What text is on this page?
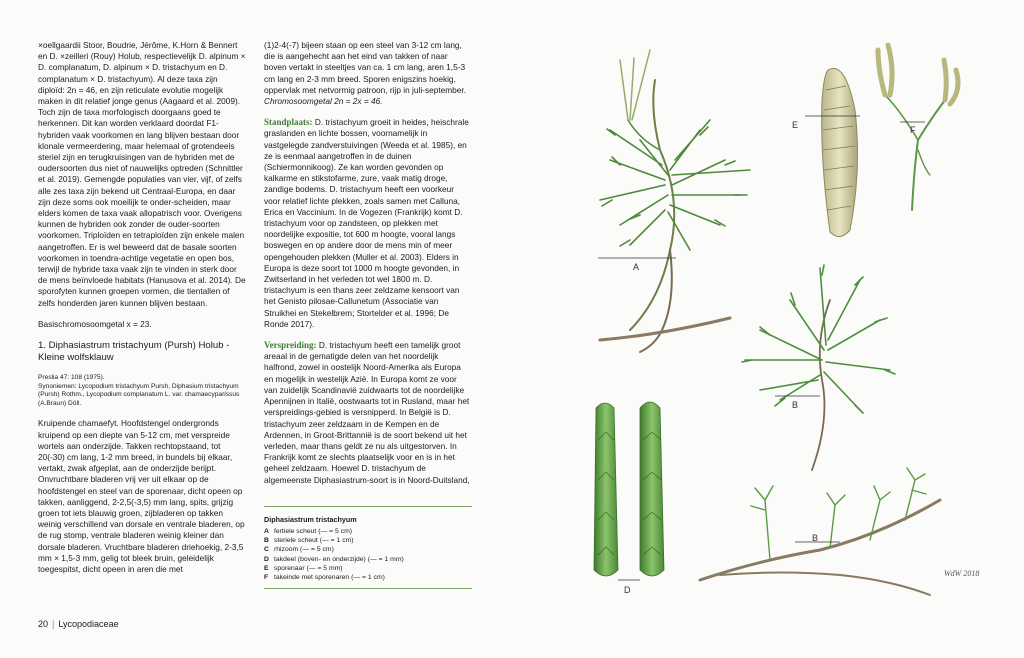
×oellgaardii Stoor, Boudrie, Jérôme, K.Horn & Bennert en D. ×zeilleri (Rouy) Holub, respectievelijk D. alpinum × D. complanatum, D. alpinum × D. tristachyum en D. complanatum × D. tristachyum). Al deze taxa zijn diploïd: 2n = 46, en zijn reticulate evolutie mogelijk maken in dit relatief jonge genus (Aagaard et al. 2009). Toch zijn de taxa morfologisch doorgaans goed te herkennen. Dit kan worden verklaard doordat F1-hybriden vaak voorkomen en lang blijven bestaan door klonale vermeerdering, maar helemaal of grotendeels steriel zijn en terugkruisingen van de hybriden met de oudersoorten dus niet of nauwelijks optreden (Schnittler et al. 2019). Gemengde populaties van vier, vijf, of zelfs alle zes taxa zijn bekend uit Centraal-Europa, en daar zijn deze soms ook moeilijk te onder-scheiden, maar elders komen de taxa vaak allopatrisch voor. Overigens kunnen de hybriden ook zonder de ouder-soorten voorkomen. Triploïden en tetraploïden zijn enkele malen aangetroffen. Er is wel beweerd dat de basale soorten voorkomen in toendra-achtige vegetatie en open bos, terwijl de hybride taxa vaak zijn te vinden in sterk door de mens beïnvloede habitats (Hanusova et al. 2014). De sporofyten kunnen groepen vormen, die tientallen of zelfs honderden jaren kunnen blijven bestaan.

Basischromosoomgetal x = 23.

1. Diphasiastrum tristachyum (Pursh) Holub - Kleine wolfsklauw

Preslia 47: 108 (1975).

Synoniemen: Lycopodium tristachyum Pursh, Diphasium tristachyum (Pursh) Rothm., Lycopodium complanatum L. var. chamaecyparissus (A.Braun) Döll.

Kruipende chamaefyt. Hoofdstengel ondergronds kruipend op een diepte van 5-12 cm, met verspreide wortels aan onderzijde. Takken rechtopstaand, tot 20(-30) cm lang, 1-2 mm breed, in bundels bij elkaar, vertakt, zwak afgeplat, aan de onderzijde berijpt. Onvruchtbare bladeren vrij ver uit elkaar op de hoofdstengel en steel van de sporenaar, dicht opeen op takken, aanliggend, 2-2,5(-3,5) mm lang, spits, grijzig groen tot iets blauwig groen, zijbladeren op takken weinig verschillend van dorsale en ventrale bladeren, op de rug stomp, ventrale bladeren weinig kleiner dan dorsale bladeren. Vruchtbare bladeren driehoekig, 2-3,5 mm × 1,5-3 mm, gelig tot bleek bruin, geleidelijk toegespitst, dicht opeen in aren die met

(1)2-4(-7) bijeen staan op een steel van 3-12 cm lang, die is aangehecht aan het eind van takken of naar boven vertakt in steeltjes van ca. 1 cm lang, aren 1,5-3 cm lang en 2-3 mm breed. Sporen enigszins hoekig, oppervlak met netvormig patroon, rijp in juli-september.
Chromosoomgetal 2n = 2x = 46.

Standplaats: D. tristachyum groeit in heides, heischrale graslanden en lichte bossen, voornamelijk in vastgelegde zandverstuivingen (Weeda et al. 1985), en ze is eenmaal aangetroffen in de duinen (Schiermonnikoog). Ze kan worden gevonden op kalkarme en stikstofarme, zure, vaak matig droge, zandige bodems. D. tristachyum heeft een voorkeur voor relatief lichte plekken, zoals samen met Calluna, Erica en Vaccinium. In de Vogezen (Frankrijk) komt D. tristachyum voor op zandsteen, op plekken met noordelijke expositie, tot 600 m hoogte, vooral langs boswegen en op andere door de mens min of meer opengehouden plekken (Muller et al. 2003). Elders in Europa is deze soort tot 1000 m hoogte gevonden, in Zwitserland in het verleden tot wel 1800 m. D. tristachyum is een thans zeer zeldzame kensoort van het Genisto pilosae-Callunetum (Associatie van Struikhei en Stekelbrem; Stortelder et al. 1996; De Ronde 2017).

Verspreiding: D. tristachyum heeft een tamelijk groot areaal in de gematigde delen van het noordelijk halfrond, zowel in oostelijk Noord-Amerika als Europa en mogelijk in westelijk Azië. In Europa komt ze voor van zuidelijk Scandinavië zuidwaarts tot de noordelijke Apennijnen in Italië, oostwaarts tot in Rusland, maar het verspreidings-gebied is versnipperd. In België is D. tristachyum zeer zeldzaam in de Kempen en de Ardennen, in Groot-Brittannië is de soort bekend uit het verleden, maar thans geldt ze nu als uitgestorven. In Frankrijk komt ze slechts plaatselijk voor en is in het geheel zeldzaam. Hoewel D. tristachyum de algemeenste Diphasiastrum-soort is in Noord-Duitsland,

Diphasiastrum tristachyum
A fertiele scheut (— = 5 cm)
B steriele scheut (— = 1 cm)
C rhizoom (— = 5 cm)
D takdeel (boven- en onderzijde) (— = 1 mm)
E sporenaar (— = 5 mm)
F takeinde met sporenaren (— = 1 cm)
20 | Lycopodiaceae
A
E	F
B
D
B
WdW 2018
